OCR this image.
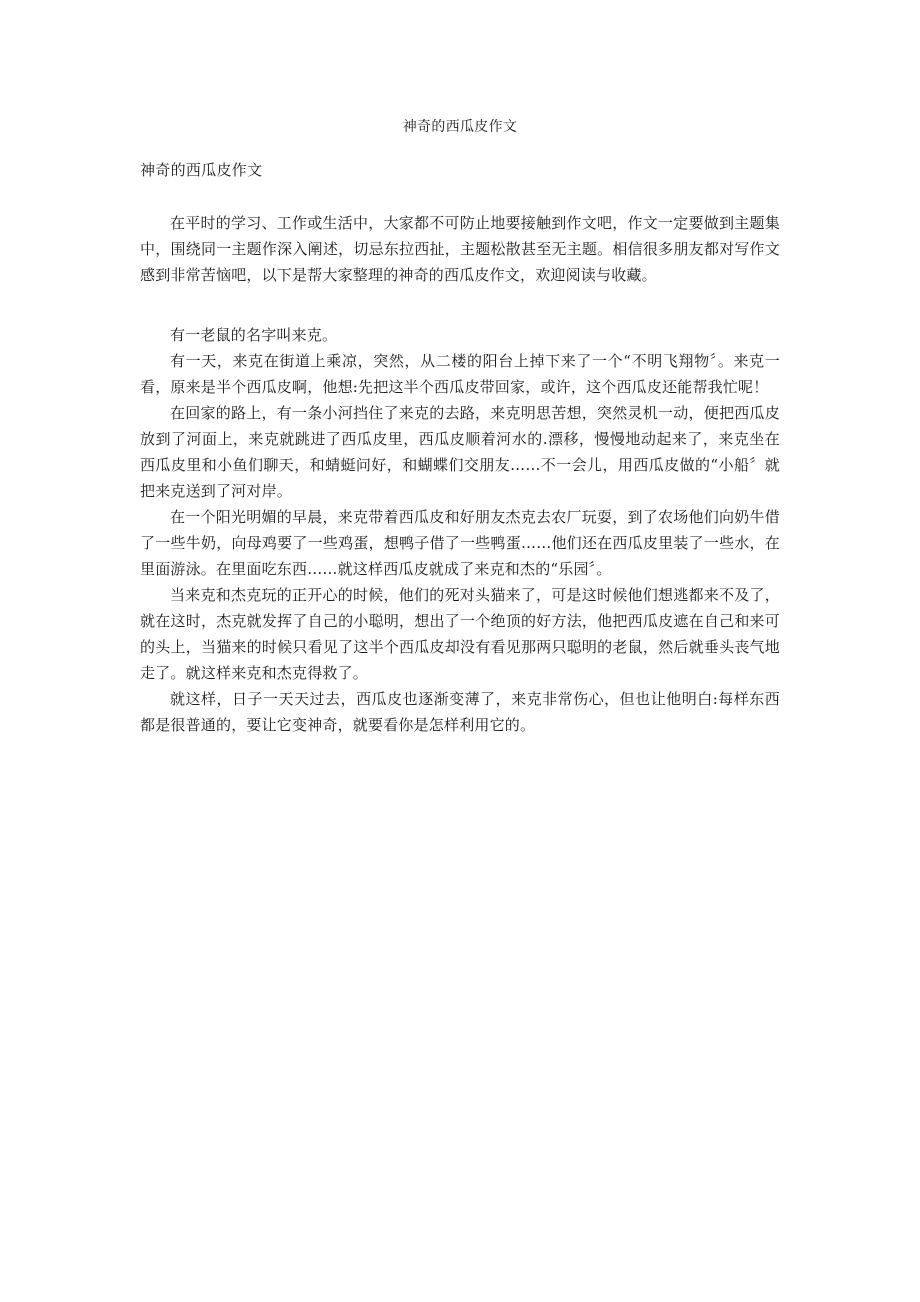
神奇的西瓜皮作文
神奇的西瓜皮作文

在平时的学习、工作或生活中，大家都不可防止地要接触到作文吧，作文一定要做到主题集中，围绕同一主题作深入阐述，切忌东拉西扯，主题松散甚至无主题。相信很多朋友都对写作文感到非常苦恼吧，以下是帮大家整理的神奇的西瓜皮作文，欢迎阅读与收藏。

有一老鼠的名字叫来克。

有一天，来克在街道上乘凉，突然，从二楼的阳台上掉下来了一个“不明飞翔物〞。来克一看，原来是半个西瓜皮啊，他想:先把这半个西瓜皮带回家，或许，这个西瓜皮还能帮我忙呢！

在回家的路上，有一条小河挡住了来克的去路，来克明思苦想，突然灵机一动，便把西瓜皮放到了河面上，来克就跳进了西瓜皮里，西瓜皮顺着河水的.漂移，慢慢地动起来了，来克坐在西瓜皮里和小鱼们聊天，和蜻蜓问好，和蝴蝶们交朋友……不一会儿，用西瓜皮做的“小船〞就把来克送到了河对岸。

在一个阳光明媚的早晨，来克带着西瓜皮和好朋友杰克去农厂玩耍，到了农场他们向奶牛借了一些牛奶，向母鸡要了一些鸡蛋，想鸭子借了一些鸭蛋……他们还在西瓜皮里装了一些水，在里面游泳。在里面吃东西……就这样西瓜皮就成了来克和杰的“乐园〞。

当来克和杰克玩的正开心的时候，他们的死对头猫来了，可是这时候他们想逃都来不及了，就在这时，杰克就发挥了自己的小聪明，想出了一个绝顶的好方法，他把西瓜皮遮在自己和来可的头上，当猫来的时候只看见了这半个西瓜皮却没有看见那两只聪明的老鼠，然后就垂头丧气地走了。就这样来克和杰克得救了。

就这样，日子一天天过去，西瓜皮也逐渐变薄了，来克非常伤心，但也让他明白:每样东西都是很普通的，要让它变神奇，就要看你是怎样利用它的。
